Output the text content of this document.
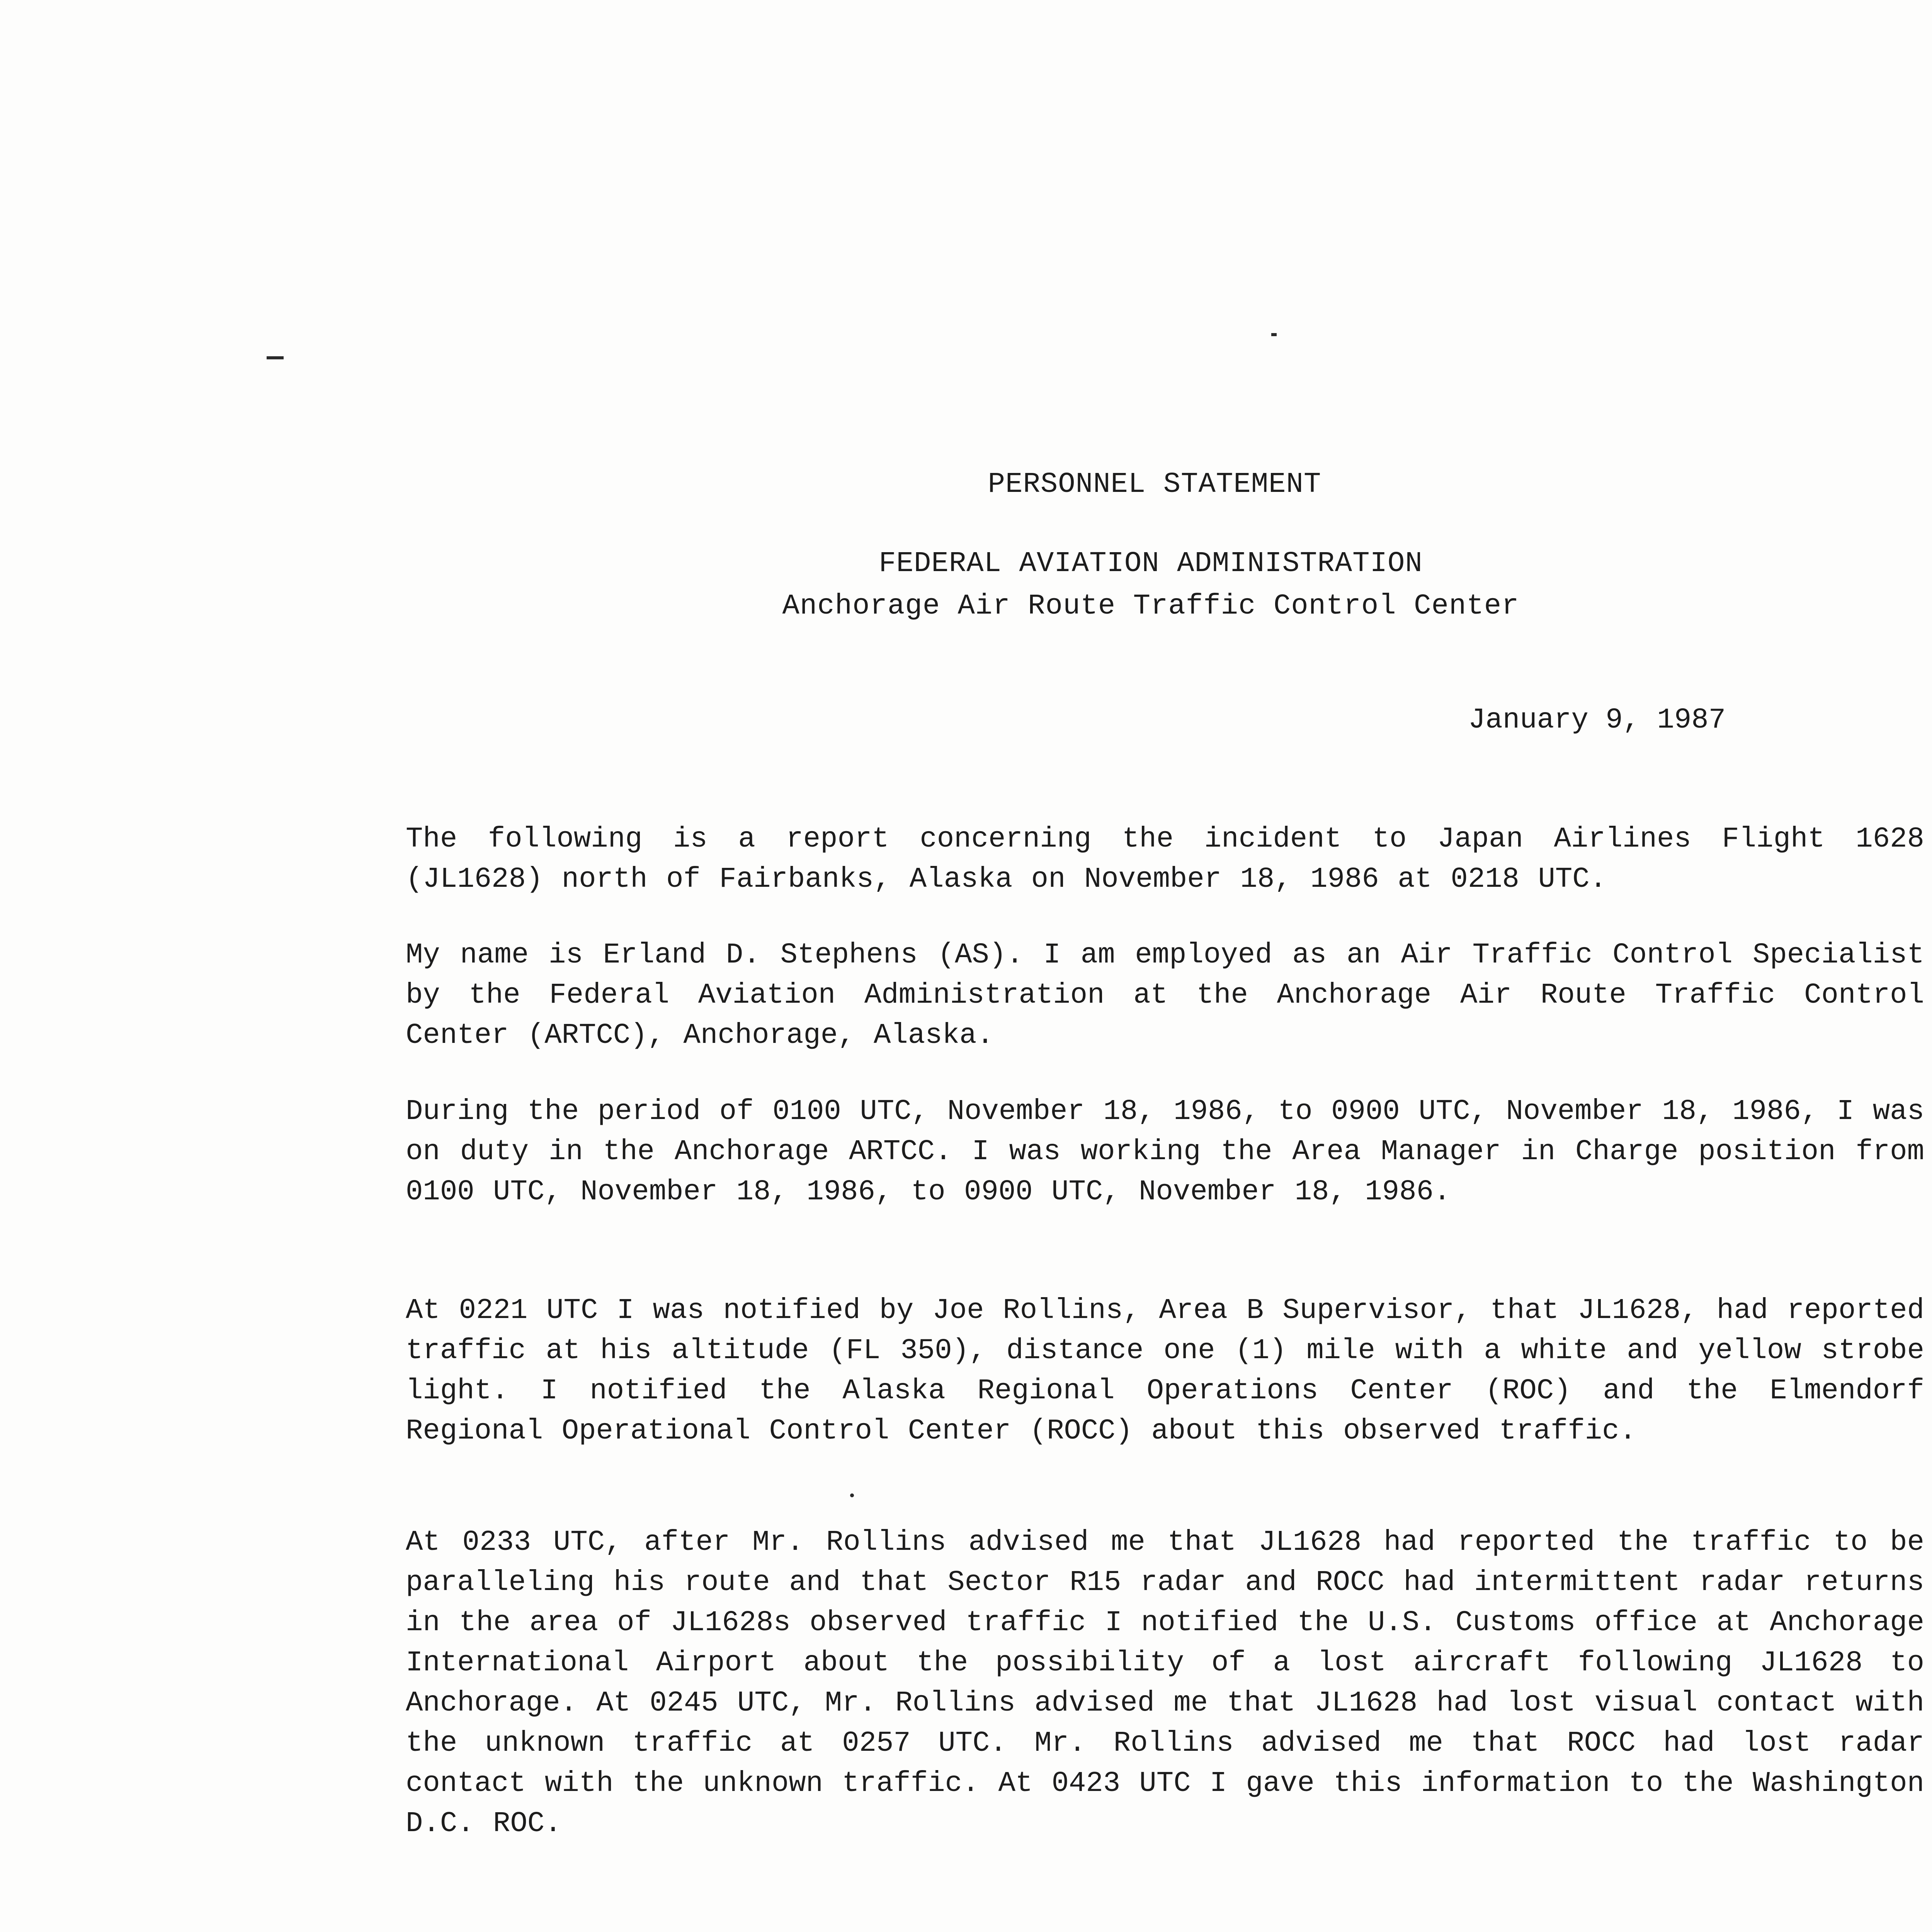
PERSONNEL STATEMENT
FEDERAL AVIATION ADMINISTRATION
Anchorage Air Route Traffic Control Center
January 9, 1987

The following is a report concerning the incident to Japan Airlines Flight 1628 (JL1628) north of Fairbanks, Alaska on November 18, 1986 at 0218 UTC.

My name is Erland D. Stephens (AS). I am employed as an Air Traffic Control Specialist by the Federal Aviation Administration at the Anchorage Air Route Traffic Control Center (ARTCC), Anchorage, Alaska.

During the period of 0100 UTC, November 18, 1986, to 0900 UTC, November 18, 1986, I was on duty in the Anchorage ARTCC. I was working the Area Manager in Charge position from 0100 UTC, November 18, 1986, to 0900 UTC, November 18, 1986.

At 0221 UTC I was notified by Joe Rollins, Area B Supervisor, that JL1628, had reported traffic at his altitude (FL 350), distance one (1) mile with a white and yellow strobe light. I notified the Alaska Regional Operations Center (ROC) and the Elmendorf Regional Operational Control Center (ROCC) about this observed traffic.

At 0233 UTC, after Mr. Rollins advised me that JL1628 had reported the traffic to be paralleling his route and that Sector R15 radar and ROCC had intermittent radar returns in the area of JL1628s observed traffic I notified the U.S. Customs office at Anchorage International Airport about the possibility of a lost aircraft following JL1628 to Anchorage. At 0245 UTC, Mr. Rollins advised me that JL1628 had lost visual contact with the unknown traffic at 0257 UTC. Mr. Rollins advised me that ROCC had lost radar contact with the unknown traffic. At 0423 UTC I gave this information to the Washington D.C. ROC.
